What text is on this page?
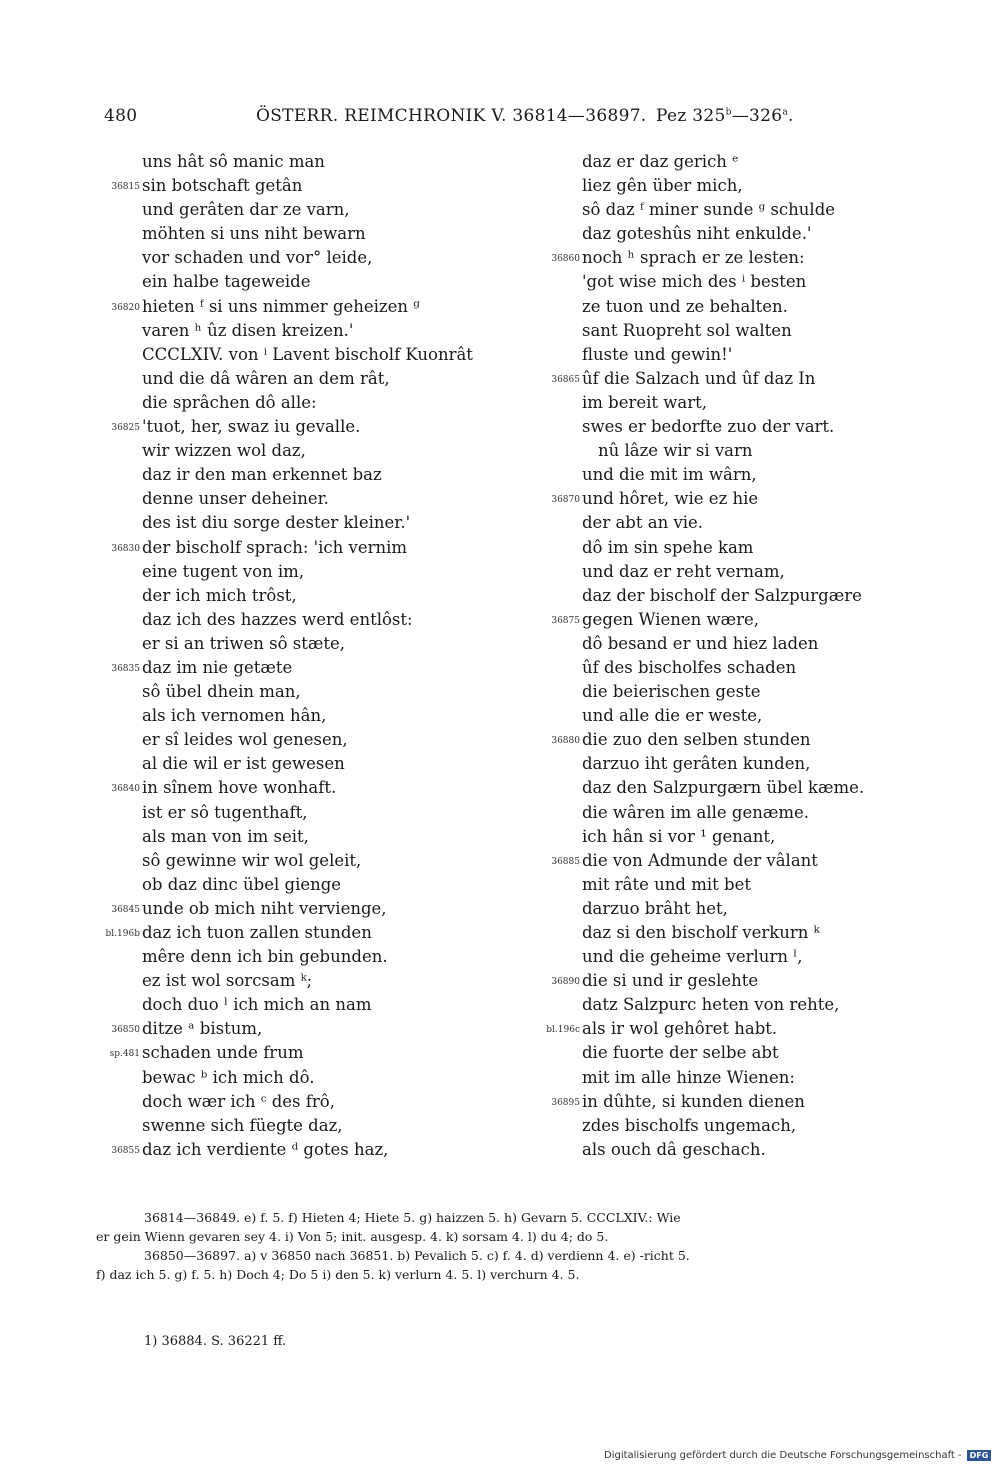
480	ÖSTERR. REIMCHRONIK V. 36814—36897. Pez 325$^b$—326$^a$.
uns hât sô manic man
36815 sin botschaft getân
und gerâten dar ze varn,
möhten si uns niht bewarn
vor schaden und vor° leide,
ein halbe tageweide
36820 hieten ᶠ si uns nimmer geheizen ᵍ
varen ʰ ûz disen kreizen.'
CCCLXIV. von ⁱ Lavent bischolf Kuonrât
und die dâ wâren an dem rât,
die sprâchen dô alle:
36825 'tuot, her, swaz iu gevalle.
wir wizzen wol daz,
daz ir den man erkennet baz
denne unser deheiner.
des ist diu sorge dester kleiner.'
36830 der bischolf sprach: 'ich vernim
eine tugent von im,
der ich mich trôst,
daz ich des hazzes werd entlôst:
er si an triwen sô stæte,
36835 daz im nie getæte
sô übel dhein man,
als ich vernomen hân,
er sî leides wol genesen,
al die wil er ist gewesen
36840 in sînem hove wonhaft.
ist er sô tugenthaft,
als man von im seit,
sô gewinne wir wol geleit,
ob daz dinc übel gienge
36845 unde ob mich niht vervienge,
bl.196b daz ich tuon zallen stunden
mêre denn ich bin gebunden.
ez ist wol sorcsam ᵏ;
doch duo ˡ ich mich an nam
36850 ditze ᵃ bistum,
sp.481 schaden unde frum
bewac ᵇ ich mich dô.
doch wær ich ᶜ des frô,
swenne sich füegte daz,
36855 daz ich verdiente ᵈ gotes haz,
daz er daz gerich ᵉ
liez gên über mich,
sô daz ᶠ miner sunde ᵍ schulde
daz goteshûs niht enkulde.'
36860 noch ʰ sprach er ze lesten:
'got wise mich des ⁱ besten
ze tuon und ze behalten.
sant Ruopreht sol walten
fluste und gewin!'
36865 ûf die Salzach und ûf daz In
im bereit wart,
swes er bedorfte zuo der vart.
nû lâze wir si varn
und die mit im wârn,
36870 und hôret, wie ez hie
der abt an vie.
dô im sin spehe kam
und daz er reht vernam,
daz der bischolf der Salzpurgære
36875 gegen Wienen wære,
dô besand er und hiez laden
ûf des bischolfes schaden
die beierischen geste
und alle die er weste,
36880 die zuo den selben stunden
darzuo iht gerâten kunden,
daz den Salzpurgærn übel kæme.
die wâren im alle genæme.
ich hân si vor ¹ genant,
36885 die von Admunde der vâlant
mit râte und mit bet
darzuo brâht het,
daz si den bischolf verkurn ᵏ
und die geheime verlurn ˡ,
36890 die si und ir geslehte
datz Salzpurc heten von rehte,
bl.196c als ir wol gehôret habt.
die fuorte der selbe abt
mit im alle hinze Wienen:
36895 in dûhte, si kunden dienen
zdes bischolfs ungemach,
als ouch dâ geschach.
36814—36849. e) f. 5. f) Hieten 4; Hiete 5. g) haizzen 5. h) Gevarn 5. CCCLXIV.: Wie
er gein Wienn gevaren sey 4. i) Von 5; init. ausgesp. 4. k) sorsam 4. l) du 4; do 5.
36850—36897. a) v 36850 nach 36851. b) Pevalich 5. c) f. 4. d) verdienn 4. e) -richt 5.
f) daz ich 5. g) f. 5. h) Doch 4; Do 5 i) den 5. k) verlurn 4. 5. l) verchurn 4. 5.
1) 36884. S. 36221 ff.
Digitalisierung gefördert durch die Deutsche Forschungsgemeinschaft -	DFG
